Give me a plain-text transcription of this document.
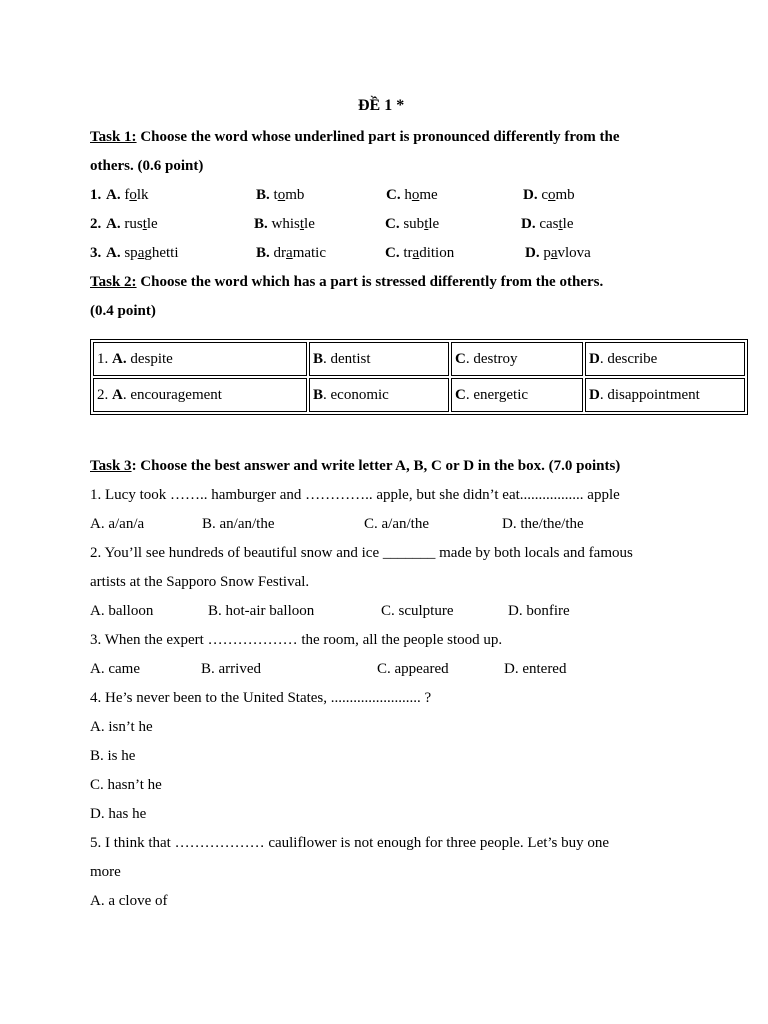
ĐỀ 1 *
Task 1: Choose the word whose underlined part is pronounced differently from the
others. (0.6 point)
1. A. folk	B. tomb	C. home	D. comb
2. A. rustle	B. whistle	C. subtle	D. castle
3. A. spaghetti	B. dramatic	C. tradition	D. pavlova
Task 2: Choose the word which has a part is stressed differently from the others.
(0.4 point)
1. A. despite	B. dentist	C. destroy	D. describe
2. A. encouragement	B. economic	C. energetic	D. disappointment
Task 3: Choose the best answer and write letter A, B, C or D in the box. (7.0 points)
1. Lucy took …….. hamburger and ………….. apple, but she didn’t eat................. apple
A. a/an/a	B. an/an/the	C. a/an/the	D. the/the/the
2. You’ll see hundreds of beautiful snow and ice _______ made by both locals and famous
artists at the Sapporo Snow Festival.
A. balloon	B. hot-air balloon	C. sculpture	D. bonfire
3. When the expert ……………… the room, all the people stood up.
A. came	B. arrived	C. appeared	D. entered
4. He’s never been to the United States, ........................ ?
A. isn’t he
B. is he
C. hasn’t he
D. has he
5. I think that ……………… cauliflower is not enough for three people. Let’s buy one
more
A. a clove of
